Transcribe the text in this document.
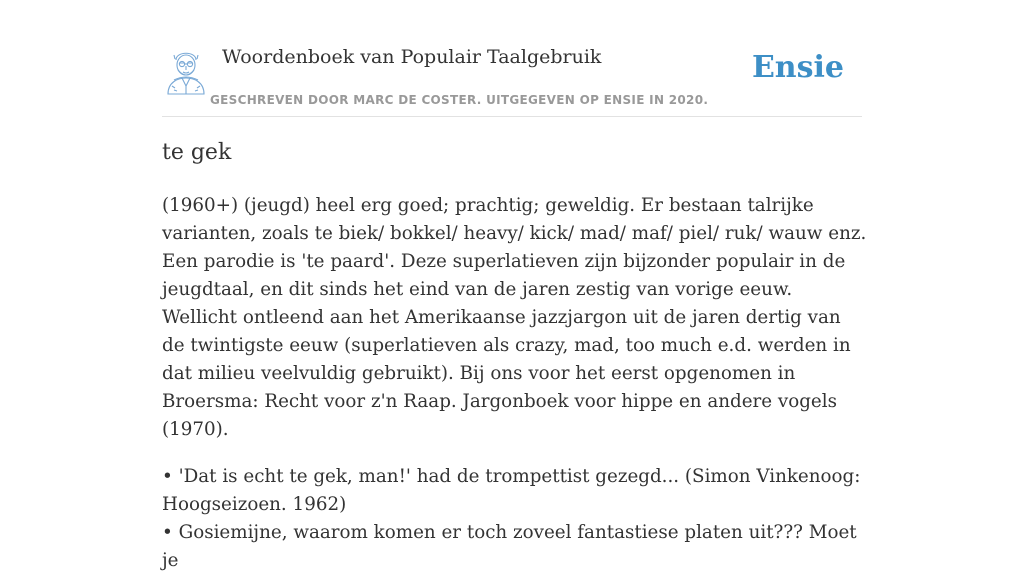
Woordenboek van Populair Taalgebruik
GESCHREVEN DOOR MARC DE COSTER. UITGEGEVEN OP ENSIE IN 2020.
Ensie
te gek

(1960+) (jeugd) heel erg goed; prachtig; geweldig. Er bestaan talrijke varianten, zoals te biek/ bokkel/ heavy/ kick/ mad/ maf/ piel/ ruk/ wauw enz. Een parodie is 'te paard'. Deze superlatieven zijn bijzonder populair in de jeugdtaal, en dit sinds het eind van de jaren zestig van vorige eeuw. Wellicht ontleend aan het Amerikaanse jazzjargon uit de jaren dertig van de twintigste eeuw (superlatieven als crazy, mad, too much e.d. werden in dat milieu veelvuldig gebruikt). Bij ons voor het eerst opgenomen in Broersma: Recht voor z'n Raap. Jargonboek voor hippe en andere vogels (1970).

• 'Dat is echt te gek, man!' had de trompettist gezegd... (Simon Vinkenoog: Hoogseizoen. 1962)
• Gosiemijne, waarom komen er toch zoveel fantastiese platen uit??? Moet je
